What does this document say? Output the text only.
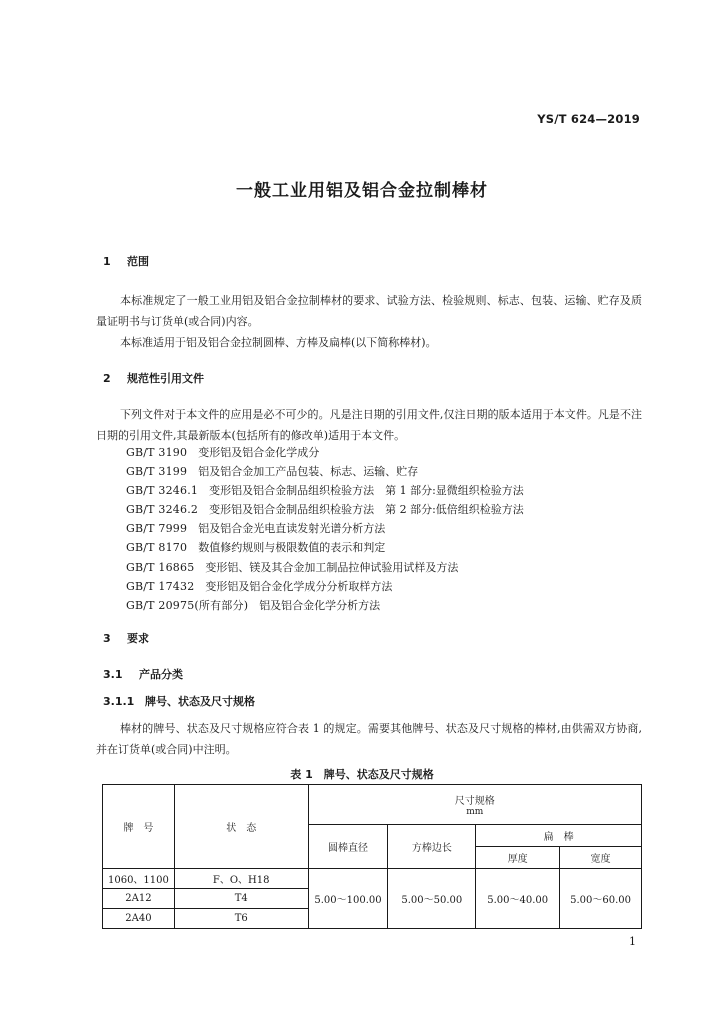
YS/T 624—2019
一般工业用铝及铝合金拉制棒材
1 范围

本标准规定了一般工业用铝及铝合金拉制棒材的要求、试验方法、检验规则、标志、包装、运输、贮存及质量证明书与订货单(或合同)内容。

本标准适用于铝及铝合金拉制圆棒、方棒及扁棒(以下简称棒材)。

2 规范性引用文件

下列文件对于本文件的应用是必不可少的。凡是注日期的引用文件,仅注日期的版本适用于本文件。凡是不注日期的引用文件,其最新版本(包括所有的修改单)适用于本文件。

GB/T 3190　 变形铝及铝合金化学成分
GB/T 3199　 铝及铝合金加工产品包装、标志、运输、贮存
GB/T 3246.1　 变形铝及铝合金制品组织检验方法　第 1 部分:显微组织检验方法
GB/T 3246.2　 变形铝及铝合金制品组织检验方法　第 2 部分:低倍组织检验方法
GB/T 7999　 铝及铝合金光电直读发射光谱分析方法
GB/T 8170　 数值修约规则与极限数值的表示和判定
GB/T 16865　 变形铝、镁及其合金加工制品拉伸试验用试样及方法
GB/T 17432　 变形铝及铝合金化学成分分析取样方法
GB/T 20975(所有部分)　 铝及铝合金化学分析方法
3 要求
3.1 产品分类
3.1.1 牌号、状态及尺寸规格

棒材的牌号、状态及尺寸规格应符合表 1 的规定。需要其他牌号、状态及尺寸规格的棒材,由供需双方协商,并在订货单(或合同)中注明。

表 1　牌号、状态及尺寸规格
牌　号	状　态	尺寸规格
mm			

		圆棒直径	方棒边长	扁　棒	
				厚度	宽度
1060、1100	F、O、H18	5.00～100.00	5.00～50.00	5.00～40.00	5.00～60.00
2A12	T4				
2A40	T6				
1
